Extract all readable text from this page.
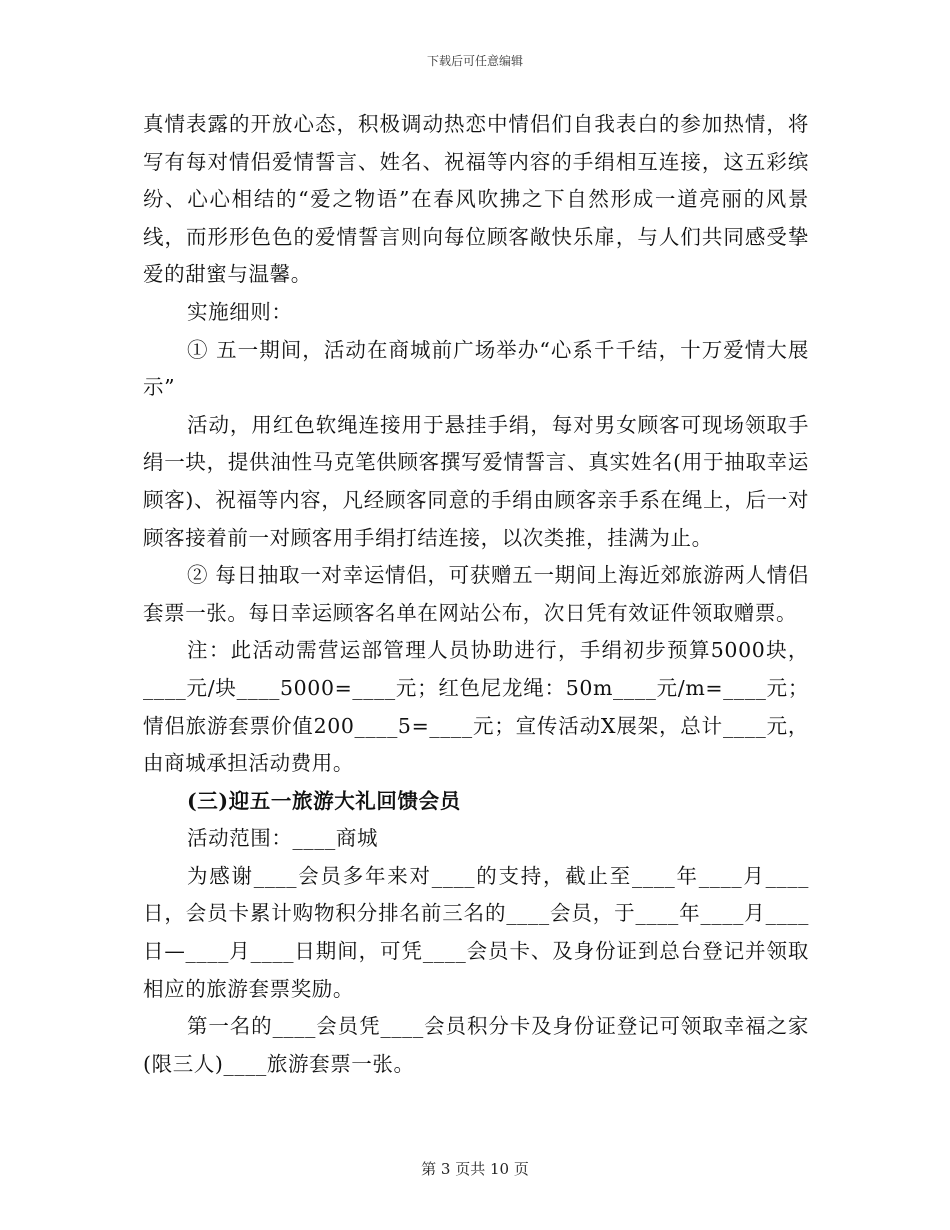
下载后可任意编辑

真情表露的开放心态，积极调动热恋中情侣们自我表白的参加热情，将写有每对情侣爱情誓言、姓名、祝福等内容的手绢相互连接，这五彩缤纷、心心相结的“爱之物语”在春风吹拂之下自然形成一道亮丽的风景线，而形形色色的爱情誓言则向每位顾客敞快乐扉，与人们共同感受挚爱的甜蜜与温馨。

实施细则：

① 五一期间，活动在商城前广场举办“心系千千结，十万爱情大展示”

活动，用红色软绳连接用于悬挂手绢，每对男女顾客可现场领取手绢一块，提供油性马克笔供顾客撰写爱情誓言、真实姓名(用于抽取幸运顾客)、祝福等内容，凡经顾客同意的手绢由顾客亲手系在绳上，后一对顾客接着前一对顾客用手绢打结连接，以次类推，挂满为止。

② 每日抽取一对幸运情侣，可获赠五一期间上海近郊旅游两人情侣套票一张。每日幸运顾客名单在网站公布，次日凭有效证件领取赠票。

注：此活动需营运部管理人员协助进行，手绢初步预算5000块，____元/块____5000=____元；红色尼龙绳：50m____元/m=____元；情侣旅游套票价值200____5=____元；宣传活动X展架，总计____元，由商城承担活动费用。

(三)迎五一旅游大礼回馈会员

活动范围：____商城

为感谢____会员多年来对____的支持，截止至____年____月____日，会员卡累计购物积分排名前三名的____会员，于____年____月____日—____月____日期间，可凭____会员卡、及身份证到总台登记并领取相应的旅游套票奖励。

第一名的____会员凭____会员积分卡及身份证登记可领取幸福之家(限三人)____旅游套票一张。

第 3 页共 10 页
